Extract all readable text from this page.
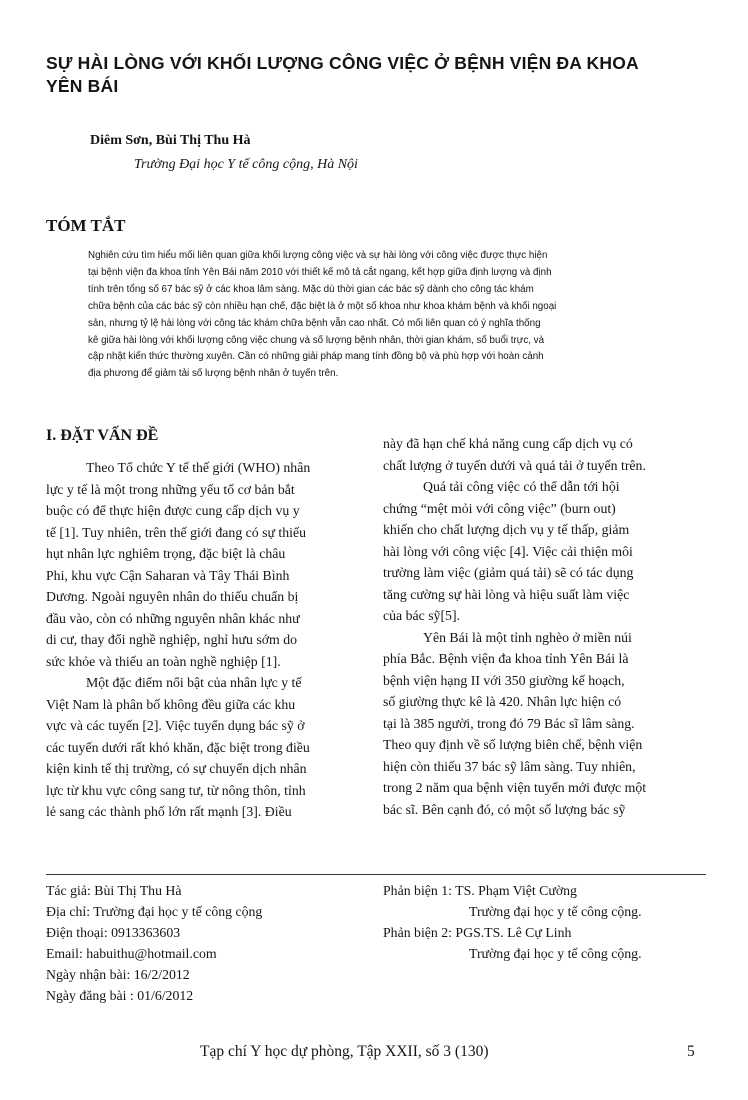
SỰ HÀI LÒNG VỚI KHỐI LƯỢNG CÔNG VIỆC Ở BỆNH VIỆN ĐA KHOA
YÊN BÁI

Diêm Sơn, Bùi Thị Thu Hà

Trường Đại học Y tế công cộng, Hà Nội

TÓM TẮT
Nghiên cứu tìm hiểu mối liên quan giữa khối lượng công việc và sự hài lòng với công việc được thực hiện
tại bệnh viện đa khoa tỉnh Yên Bái năm 2010 với thiết kế mô tả cắt ngang, kết hợp giữa định lượng và định
tính trên tổng số 67 bác sỹ ở các khoa lâm sàng. Mặc dù thời gian các bác sỹ dành cho công tác khám
chữa bệnh của các bác sỹ còn nhiều hạn chế, đặc biệt là ở một số khoa như khoa khám bệnh và khối ngoại
sản, nhưng tỷ lệ hài lòng với công tác khám chữa bệnh vẫn cao nhất. Có mối liên quan có ý nghĩa thống
kê giữa hài lòng với khối lượng công việc chung và số lượng bệnh nhân, thời gian khám, số buổi trực, và
cập nhật kiến thức thường xuyên. Cần có những giải pháp mang tính đồng bộ và phù hợp với hoàn cảnh
địa phương để giảm tải số lượng bệnh nhân ở tuyến trên.
I. ĐẶT VẤN ĐỀ
Theo Tổ chức Y tế thế giới (WHO) nhân
lực y tế là một trong những yếu tố cơ bản bắt
buộc có để thực hiện được cung cấp dịch vụ y
tế [1]. Tuy nhiên, trên thế giới đang có sự thiếu
hụt nhân lực nghiêm trọng, đặc biệt là châu
Phi, khu vực Cận Saharan và Tây Thái Bình
Dương. Ngoài nguyên nhân do thiếu chuẩn bị
đầu vào, còn có những nguyên nhân khác như
di cư, thay đổi nghề nghiệp, nghỉ hưu sớm do
sức khỏe và thiếu an toàn nghề nghiệp [1].
Một đặc điểm nổi bật của nhân lực y tế
Việt Nam là phân bố không đều giữa các khu
vực và các tuyến [2]. Việc tuyển dụng bác sỹ ở
các tuyến dưới rất khó khăn, đặc biệt trong điều
kiện kinh tế thị trường, có sự chuyển dịch nhân
lực từ khu vực công sang tư, từ nông thôn, tỉnh
lẻ sang các thành phố lớn rất mạnh [3]. Điều
này đã hạn chế khả năng cung cấp dịch vụ có
chất lượng ở tuyến dưới và quá tải ở tuyến trên.
Quá tải công việc có thể dẫn tới hội
chứng “mệt mỏi với công việc” (burn out)
khiến cho chất lượng dịch vụ y tế thấp, giảm
hài lòng với công việc [4]. Việc cải thiện môi
trường làm việc (giảm quá tải) sẽ có tác dụng
tăng cường sự hài lòng và hiệu suất làm việc
của bác sỹ[5].
Yên Bái là một tỉnh nghèo ở miền núi
phía Bắc. Bệnh viện đa khoa tỉnh Yên Bái là
bệnh viện hạng II với 350 giường kế hoạch,
số giường thực kê là 420. Nhân lực hiện có
tại là 385 người, trong đó 79 Bác sĩ lâm sàng.
Theo quy định về số lượng biên chế, bệnh viện
hiện còn thiếu 37 bác sỹ lâm sàng. Tuy nhiên,
trong 2 năm qua bệnh viện tuyển mới được một
bác sĩ. Bên cạnh đó, có một số lượng bác sỹ
Tác giả: Bùi Thị Thu Hà
Địa chỉ: Trường đại học y tế công cộng
Điện thoại: 0913363603
Email: habuithu@hotmail.com
Ngày nhận bài: 16/2/2012
Ngày đăng bài : 01/6/2012
Phản biện 1: TS. Phạm Việt Cường
Trường đại học y tế công cộng.
Phản biện 2: PGS.TS. Lê Cự Linh
Trường đại học y tế công cộng.
Tạp chí Y học dự phòng, Tập XXII, số 3 (130)	5
